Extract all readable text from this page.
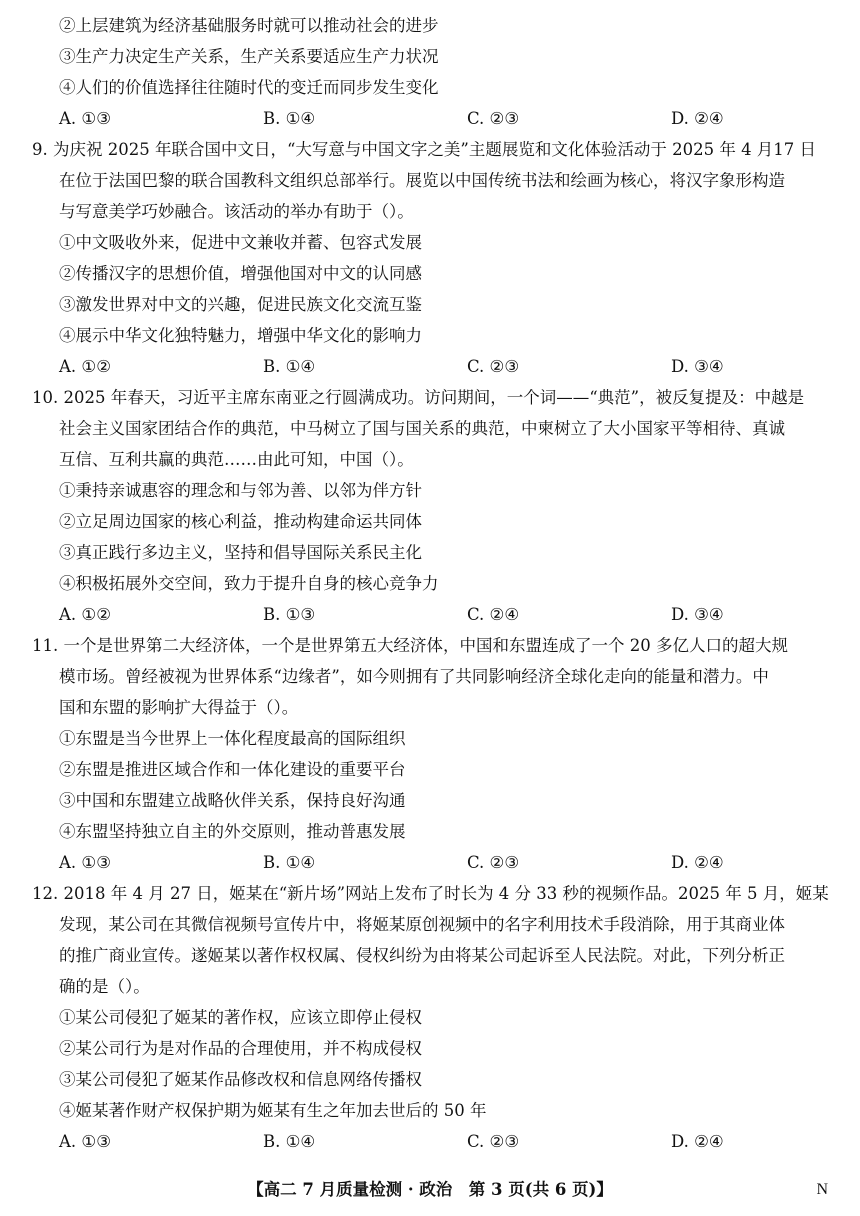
②上层建筑为经济基础服务时就可以推动社会的进步
③生产力决定生产关系，生产关系要适应生产力状况
④人们的价值选择往往随时代的变迁而同步发生变化
A. ①③	B. ①④	C. ②③	D. ②④
9. 为庆祝 2025 年联合国中文日，“大写意与中国文字之美”主题展览和文化体验活动于 2025 年 4 月17 日
在位于法国巴黎的联合国教科文组织总部举行。展览以中国传统书法和绘画为核心，将汉字象形构造
与写意美学巧妙融合。该活动的举办有助于（）。
①中文吸收外来，促进中文兼收并蓄、包容式发展
②传播汉字的思想价值，增强他国对中文的认同感
③激发世界对中文的兴趣，促进民族文化交流互鉴
④展示中华文化独特魅力，增强中华文化的影响力
A. ①②	B. ①④	C. ②③	D. ③④
10. 2025 年春天，习近平主席东南亚之行圆满成功。访问期间，一个词——“典范”，被反复提及：中越是
社会主义国家团结合作的典范，中马树立了国与国关系的典范，中柬树立了大小国家平等相待、真诚
互信、互利共赢的典范……由此可知，中国（）。
①秉持亲诚惠容的理念和与邻为善、以邻为伴方针
②立足周边国家的核心利益，推动构建命运共同体
③真正践行多边主义，坚持和倡导国际关系民主化
④积极拓展外交空间，致力于提升自身的核心竞争力
A. ①②	B. ①③	C. ②④	D. ③④
11. 一个是世界第二大经济体，一个是世界第五大经济体，中国和东盟连成了一个 20 多亿人口的超大规
模市场。曾经被视为世界体系“边缘者”，如今则拥有了共同影响经济全球化走向的能量和潜力。中
国和东盟的影响扩大得益于（）。
①东盟是当今世界上一体化程度最高的国际组织
②东盟是推进区域合作和一体化建设的重要平台
③中国和东盟建立战略伙伴关系，保持良好沟通
④东盟坚持独立自主的外交原则，推动普惠发展
A. ①③	B. ①④	C. ②③	D. ②④
12. 2018 年 4 月 27 日，姬某在“新片场”网站上发布了时长为 4 分 33 秒的视频作品。2025 年 5 月，姬某
发现，某公司在其微信视频号宣传片中，将姬某原创视频中的名字利用技术手段消除，用于其商业体
的推广商业宣传。遂姬某以著作权权属、侵权纠纷为由将某公司起诉至人民法院。对此，下列分析正
确的是（）。
①某公司侵犯了姬某的著作权，应该立即停止侵权
②某公司行为是对作品的合理使用，并不构成侵权
③某公司侵犯了姬某作品修改权和信息网络传播权
④姬某著作财产权保护期为姬某有生之年加去世后的 50 年
A. ①③	B. ①④	C. ②③	D. ②④
【高二 7 月质量检测 · 政治　第 3 页(共 6 页)】	N
